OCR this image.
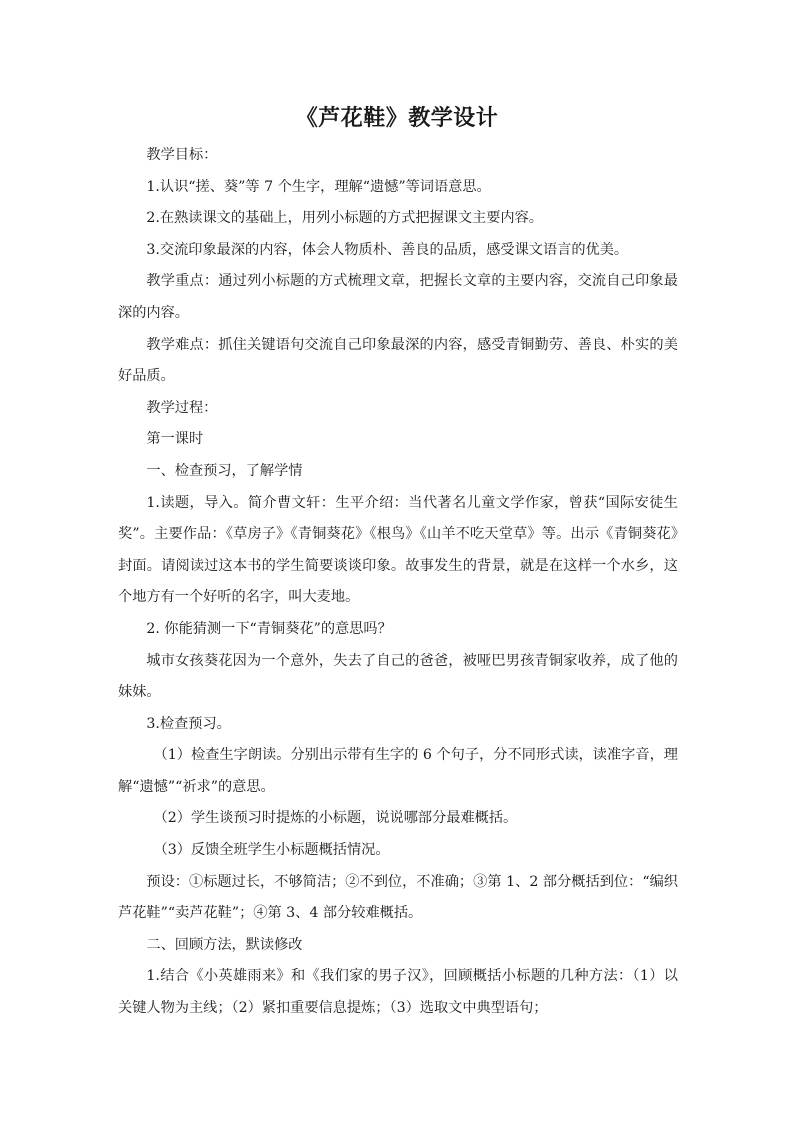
《芦花鞋》教学设计

教学目标：

1.认识“搓、葵”等 7 个生字，理解“遗憾”等词语意思。

2.在熟读课文的基础上，用列小标题的方式把握课文主要内容。

3.交流印象最深的内容，体会人物质朴、善良的品质，感受课文语言的优美。

教学重点：通过列小标题的方式梳理文章，把握长文章的主要内容，交流自己印象最深的内容。

教学难点：抓住关键语句交流自己印象最深的内容，感受青铜勤劳、善良、朴实的美好品质。

教学过程：

第一课时

一、检查预习，了解学情

1.读题，导入。简介曹文轩：生平介绍：当代著名儿童文学作家，曾获“国际安徒生奖”。主要作品：《草房子》《青铜葵花》《根鸟》《山羊不吃天堂草》等。出示《青铜葵花》封面。请阅读过这本书的学生简要谈谈印象。故事发生的背景，就是在这样一个水乡，这个地方有一个好听的名字，叫大麦地。

2. 你能猜测一下“青铜葵花”的意思吗？

城市女孩葵花因为一个意外，失去了自己的爸爸，被哑巴男孩青铜家收养，成了他的妹妹。

3.检查预习。

（1）检查生字朗读。分别出示带有生字的 6 个句子，分不同形式读，读准字音，理解“遗憾”“祈求”的意思。

（2）学生谈预习时提炼的小标题，说说哪部分最难概括。

（3）反馈全班学生小标题概括情况。

预设：①标题过长，不够简洁；②不到位，不准确；③第 1、2 部分概括到位：“编织芦花鞋”“卖芦花鞋”；④第 3、4 部分较难概括。

二、回顾方法，默读修改

1.结合《小英雄雨来》和《我们家的男子汉》，回顾概括小标题的几种方法：（1）以关键人物为主线；（2）紧扣重要信息提炼；（3）选取文中典型语句；
